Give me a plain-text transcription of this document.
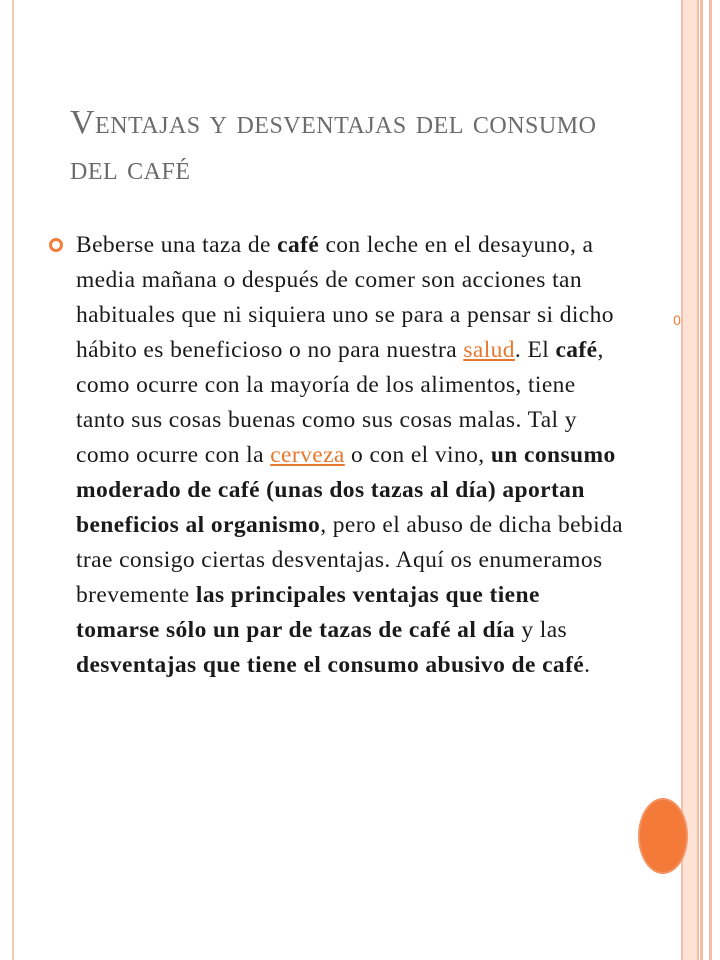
0
Ventajas y desventajas del consumo del café

Beberse una taza de café con leche en el desayuno, a media mañana o después de comer son acciones tan habituales que ni siquiera uno se para a pensar si dicho hábito es beneficioso o no para nuestra salud. El café, como ocurre con la mayoría de los alimentos, tiene tanto sus cosas buenas como sus cosas malas. Tal y como ocurre con la cerveza o con el vino, un consumo moderado de café (unas dos tazas al día) aportan beneficios al organismo, pero el abuso de dicha bebida trae consigo ciertas desventajas. Aquí os enumeramos brevemente las principales ventajas que tiene tomarse sólo un par de tazas de café al día y las desventajas que tiene el consumo abusivo de café.
